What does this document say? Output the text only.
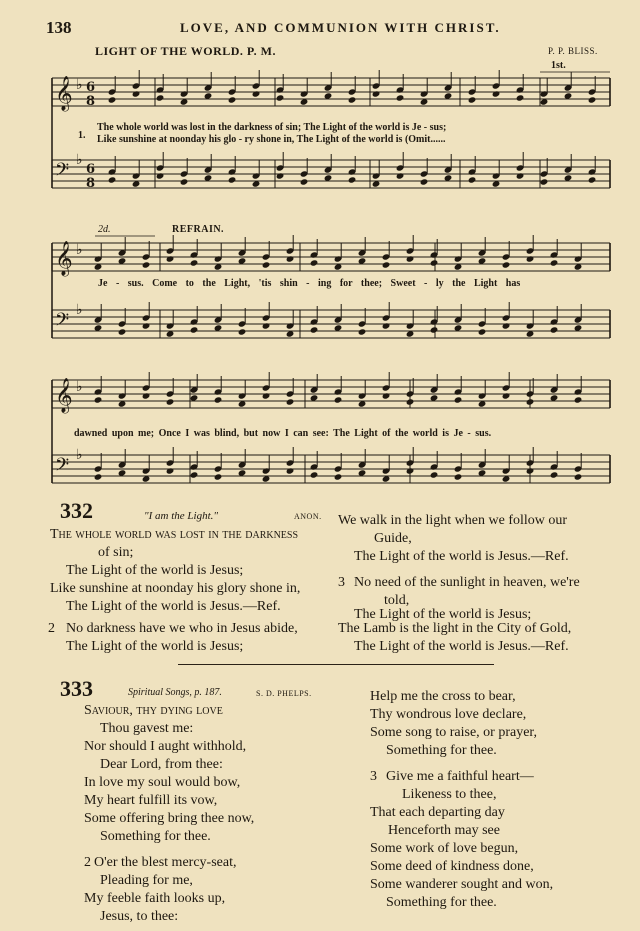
138	LOVE, AND COMMUNION WITH CHRIST.
LIGHT OF THE WORLD. P. M.	P. P. BLISS.
𝄞 ♭ 6
8
𝄢 ♭
6
8
𝄞 ♭
𝄢 ♭
𝄞 ♭
𝄢 ♭
1st.
2d.	REFRAIN.
1.
The whole world was lost in the darkness of sin; The Light of the world is Je - sus;
Like sunshine at noonday his glo - ry shone in, The Light of the world is (Omit......
Je - sus. Come to the Light, 'tis shin - ing for thee; Sweet - ly the Light has
dawned upon me; Once I was blind, but now I can see: The Light of the world is Je - sus.
332	"I am the Light."	ANON.
The whole world was lost in the darkness
of sin;
The Light of the world is Jesus;
Like sunshine at noonday his glory shone in,
The Light of the world is Jesus.—Ref.
2 No darkness have we who in Jesus abide,
The Light of the world is Jesus;
We walk in the light when we follow our
Guide,
The Light of the world is Jesus.—Ref.
3 No need of the sunlight in heaven, we're
told,
The Light of the world is Jesus;
The Lamb is the light in the City of Gold,
The Light of the world is Jesus.—Ref.
333	Spiritual Songs, p. 187.	S. D. PHELPS.
Saviour, thy dying love
Thou gavest me:
Nor should I aught withhold,
Dear Lord, from thee:
In love my soul would bow,
My heart fulfill its vow,
Some offering bring thee now,
Something for thee.
2 O'er the blest mercy-seat,
Pleading for me,
My feeble faith looks up,
Jesus, to thee:
Help me the cross to bear,
Thy wondrous love declare,
Some song to raise, or prayer,
Something for thee.
3 Give me a faithful heart—
Likeness to thee,
That each departing day
Henceforth may see
Some work of love begun,
Some deed of kindness done,
Some wanderer sought and won,
Something for thee.
